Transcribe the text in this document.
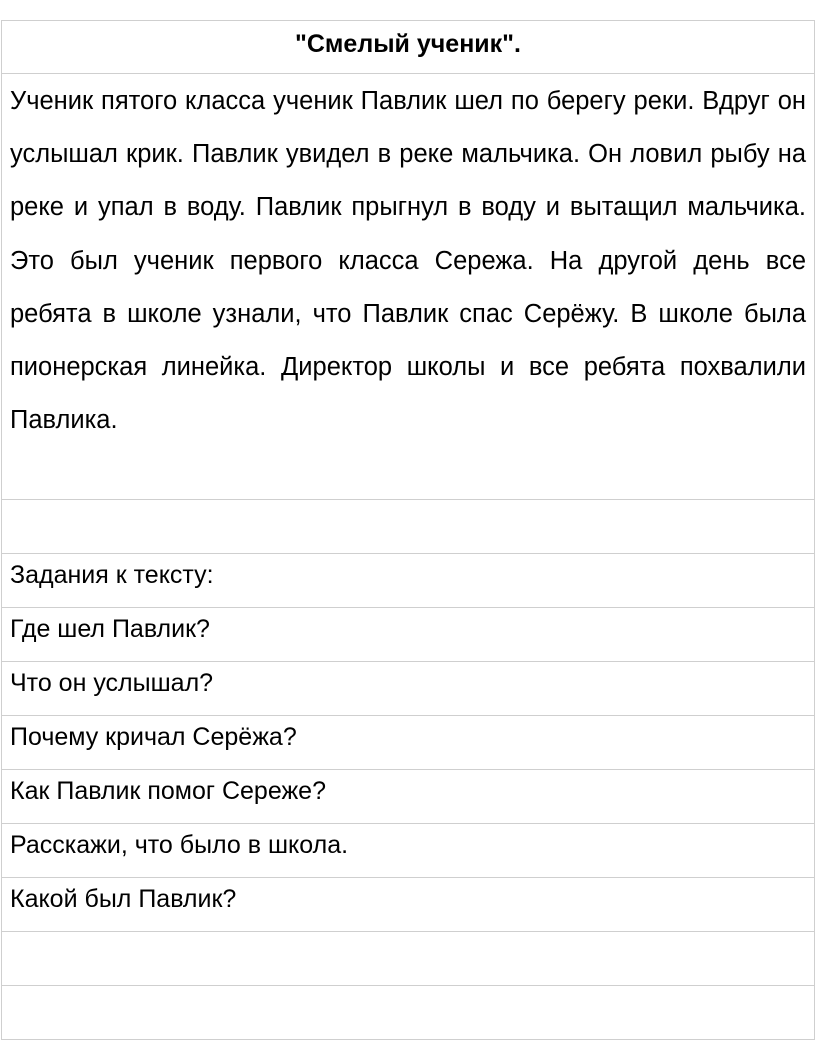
"Смелый ученик".

Ученик пятого класса ученик Павлик шел по берегу реки. Вдруг он услышал крик. Павлик увидел в реке мальчика. Он ловил рыбу на реке и упал в воду. Павлик прыгнул в воду и вытащил мальчика. Это был ученик первого класса Сережа. На другой день все ребята в школе узнали, что Павлик спас Серёжу. В школе была пионерская линейка. Директор школы и все ребята похвалили Павлика.

Задания к тексту:
Где шел Павлик?
Что он услышал?
Почему кричал Серёжа?
Как Павлик помог Сереже?
Расскажи, что было в школа.
Какой был Павлик?
